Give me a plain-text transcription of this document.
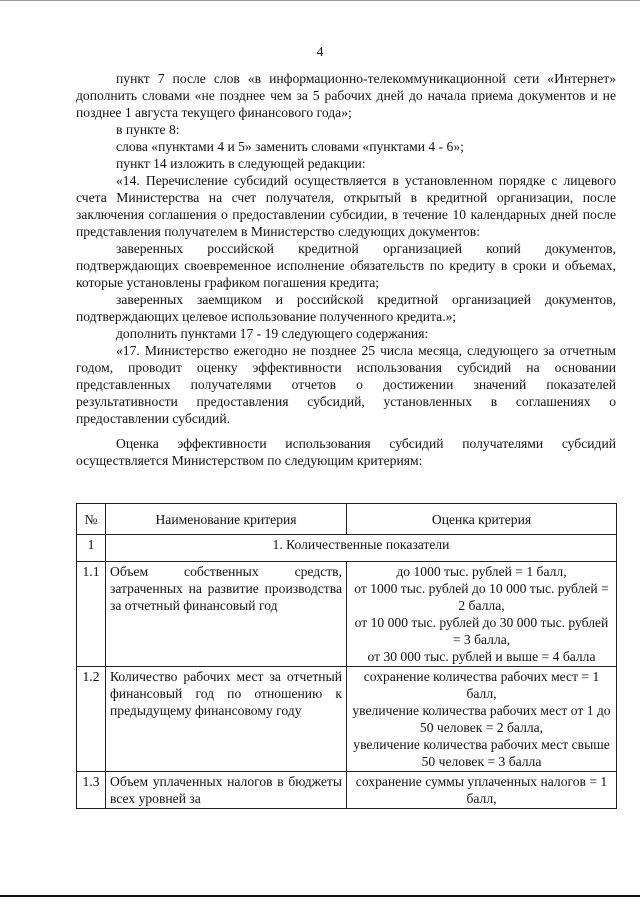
4

пункт 7 после слов «в информационно-телекоммуникационной сети «Интернет» дополнить словами «не позднее чем за 5 рабочих дней до начала приема документов и не позднее 1 августа текущего финансового года»;

в пункте 8:

слова «пунктами 4 и 5» заменить словами «пунктами 4 - 6»;

пункт 14 изложить в следующей редакции:

«14. Перечисление субсидий осуществляется в установленном порядке с лицевого счета Министерства на счет получателя, открытый в кредитной организации, после заключения соглашения о предоставлении субсидии, в течение 10 календарных дней после представления получателем в Министерство следующих документов:

заверенных российской кредитной организацией копий документов, подтверждающих своевременное исполнение обязательств по кредиту в сроки и объемах, которые установлены графиком погашения кредита;

заверенных заемщиком и российской кредитной организацией документов, подтверждающих целевое использование полученного кредита.»;

дополнить пунктами 17 - 19 следующего содержания:

«17. Министерство ежегодно не позднее 25 числа месяца, следующего за отчетным годом, проводит оценку эффективности использования субсидий на основании представленных получателями отчетов о достижении значений показателей результативности предоставления субсидий, установленных в соглашениях о предоставлении субсидий.

Оценка эффективности использования субсидий получателями субсидий осуществляется Министерством по следующим критериям:

№	Наименование критерия	Оценка критерия
1	1. Количественные показатели	
1.1	Объем собственных средств, затраченных на развитие производства за отчетный финансовый год	до 1000 тыс. рублей = 1 балл,
от 1000 тыс. рублей до 10 000 тыс. рублей = 2 балла,
от 10 000 тыс. рублей до 30 000 тыс. рублей = 3 балла,
от 30 000 тыс. рублей и выше = 4 балла

1.2	Количество рабочих мест за отчетный финансовый год по отношению к предыдущему финансовому году	сохранение количества рабочих мест = 1 балл,
увеличение количества рабочих мест от 1 до 50 человек = 2 балла,
увеличение количества рабочих мест свыше 50 человек = 3 балла

1.3	Объем уплаченных налогов в бюджеты всех уровней за	сохранение суммы уплаченных налогов = 1 балл,
